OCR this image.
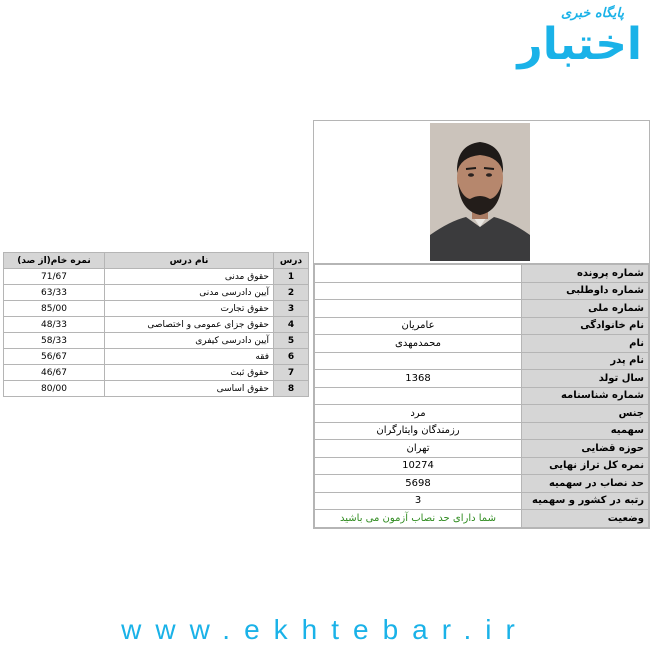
پایگاه خبری
اختبار
درس	نام درس	نمره خام(از صد)
1	حقوق مدنی	71/67
2	آیین دادرسی مدنی	63/33
3	حقوق تجارت	85/00
4	حقوق جزای عمومی و اختصاصی	48/33
5	آیین دادرسی کیفری	58/33
6	فقه	56/67
7	حقوق ثبت	46/67
8	حقوق اساسی	80/00
شماره پرونده	
شماره داوطلبی	
شماره ملی	
نام خانوادگی	عامریان
نام	محمدمهدی
نام پدر	
سال تولد	1368
شماره شناسنامه	
جنس	مرد
سهمیه	رزمندگان وایثارگران
حوزه قضایی	تهران
نمره کل تراز نهایی	10274
حد نصاب در سهمیه	5698
رتبه در کشور و سهمیه	3
وضعیت	شما دارای حد نصاب آزمون می باشید
www.ekhtebar.ir
